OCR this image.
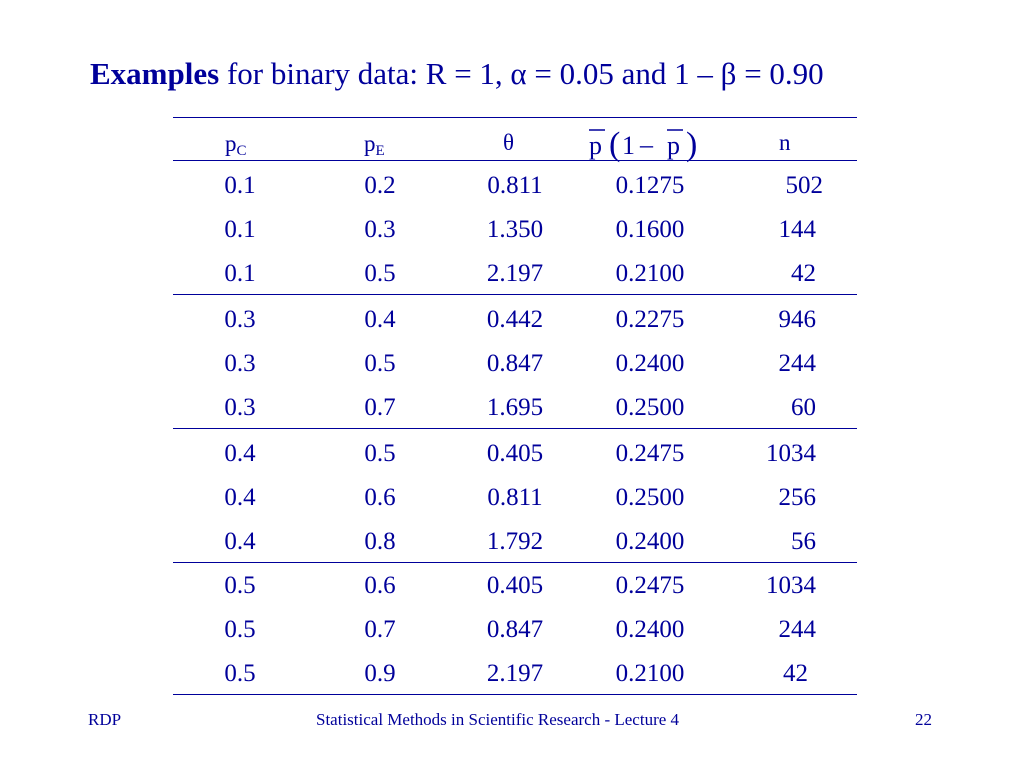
Examples for binary data: R = 1, α = 0.05 and 1 – β = 0.90
$p_C$	$p_E$	θ	p ( 1 – p )	n
0.1	0.2	0.811	0.1275	502
0.1	0.3	1.350	0.1600	144
0.1	0.5	2.197	0.2100	42
0.3	0.4	0.442	0.2275	946
0.3	0.5	0.847	0.2400	244
0.3	0.7	1.695	0.2500	60
0.4	0.5	0.405	0.2475	1034
0.4	0.6	0.811	0.2500	256
0.4	0.8	1.792	0.2400	56
0.5	0.6	0.405	0.2475	1034
0.5	0.7	0.847	0.2400	244
0.5	0.9	2.197	0.2100	42
RDP	Statistical Methods in Scientific Research - Lecture 4	22
